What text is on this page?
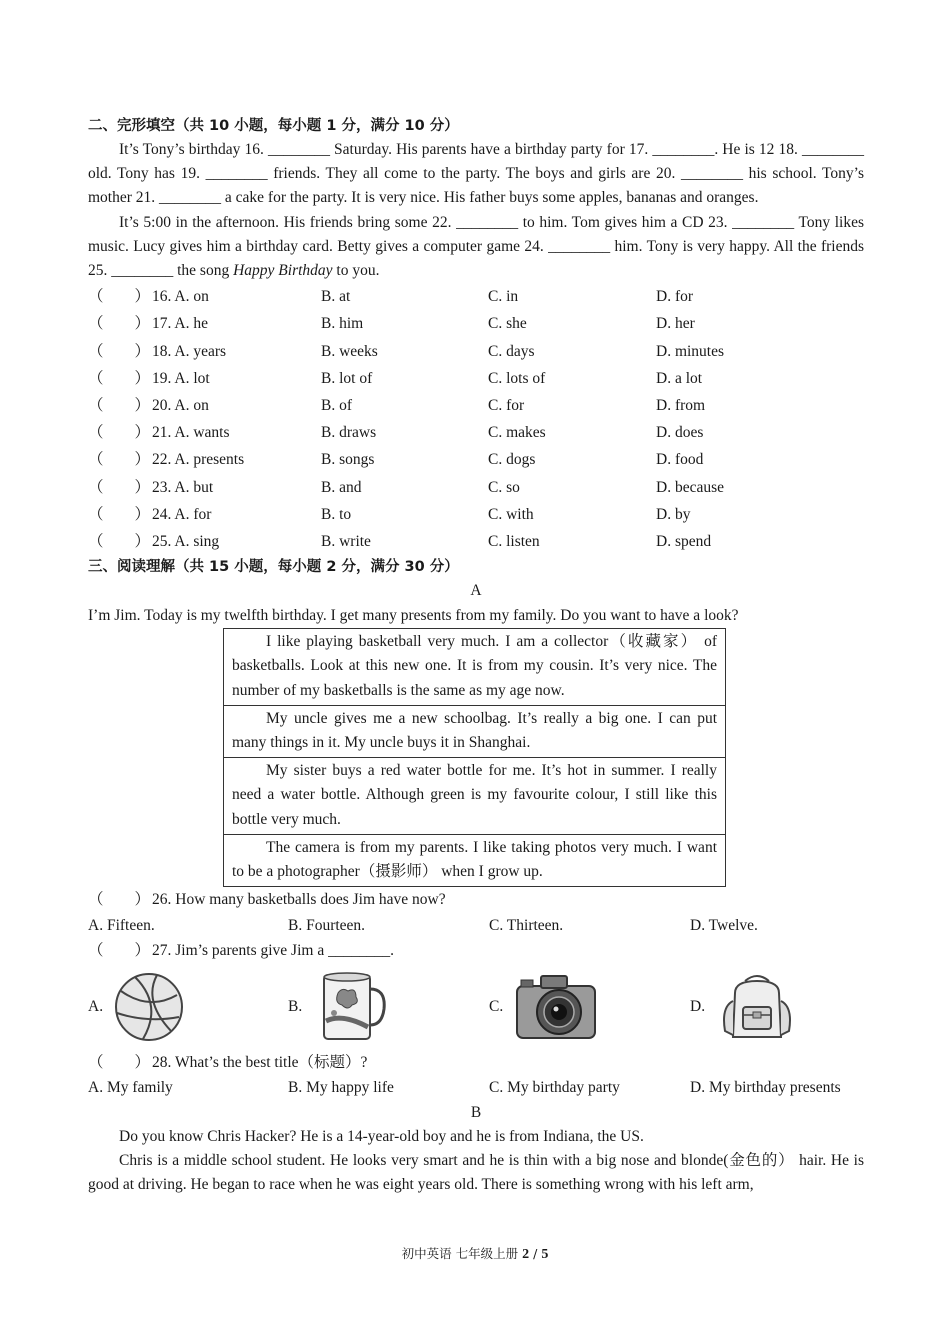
二、完形填空（共 10 小题，每小题 1 分，满分 10 分）

It’s Tony’s birthday 16. ________ Saturday. His parents have a birthday party for 17. ________. He is 12 18. ________ old. Tony has 19. ________ friends. They all come to the party. The boys and girls are 20. ________ his school. Tony’s mother 21. ________ a cake for the party. It is very nice. His father buys some apples, bananas and oranges.

It’s 5:00 in the afternoon. His friends bring some 22. ________ to him. Tom gives him a CD 23. ________ Tony likes music. Lucy gives him a birthday card. Betty gives a computer game 24. ________ him. Tony is very happy. All the friends 25. ________ the song Happy Birthday to you.

（　　） 16. A. on	B. at	C. in	D. for
（　　） 17. A. he	B. him	C. she	D. her
（　　） 18. A. years	B. weeks	C. days	D. minutes
（　　） 19. A. lot	B. lot of	C. lots of	D. a lot
（　　） 20. A. on	B. of	C. for	D. from
（　　） 21. A. wants	B. draws	C. makes	D. does
（　　） 22. A. presents	B. songs	C. dogs	D. food
（　　） 23. A. but	B. and	C. so	D. because
（　　） 24. A. for	B. to	C. with	D. by
（　　） 25. A. sing	B. write	C. listen	D. spend
三、阅读理解（共 15 小题，每小题 2 分，满分 30 分）
A
I’m Jim. Today is my twelfth birthday. I get many presents from my family. Do you want to have a look?
I like playing basketball very much. I am a collector（收藏家） of basketballs. Look at this new one. It is from my cousin. It’s very nice. The number of my basketballs is the same as my age now.
My uncle gives me a new schoolbag. It’s really a big one. I can put many things in it. My uncle buys it in Shanghai.
My sister buys a red water bottle for me. It’s hot in summer. I really need a water bottle. Although green is my favourite colour, I still like this bottle very much.
The camera is from my parents. I like taking photos very much. I want to be a photographer（摄影师） when I grow up.
（　　） 26. How many basketballs does Jim have now?
A. Fifteen.	B. Fourteen.	C. Thirteen.	D. Twelve.
（　　） 27. Jim’s parents give Jim a ________.
A.	B.	C.	D.
（　　） 28. What’s the best title（标题）?
A. My family	B. My happy life	C. My birthday party	D. My birthday presents
B

Do you know Chris Hacker? He is a 14-year-old boy and he is from Indiana, the US.

Chris is a middle school student. He looks very smart and he is thin with a big nose and blonde(金色的） hair. He is good at driving. He began to race when he was eight years old. There is something wrong with his left arm,

初中英语 七年级上册 2 / 5
